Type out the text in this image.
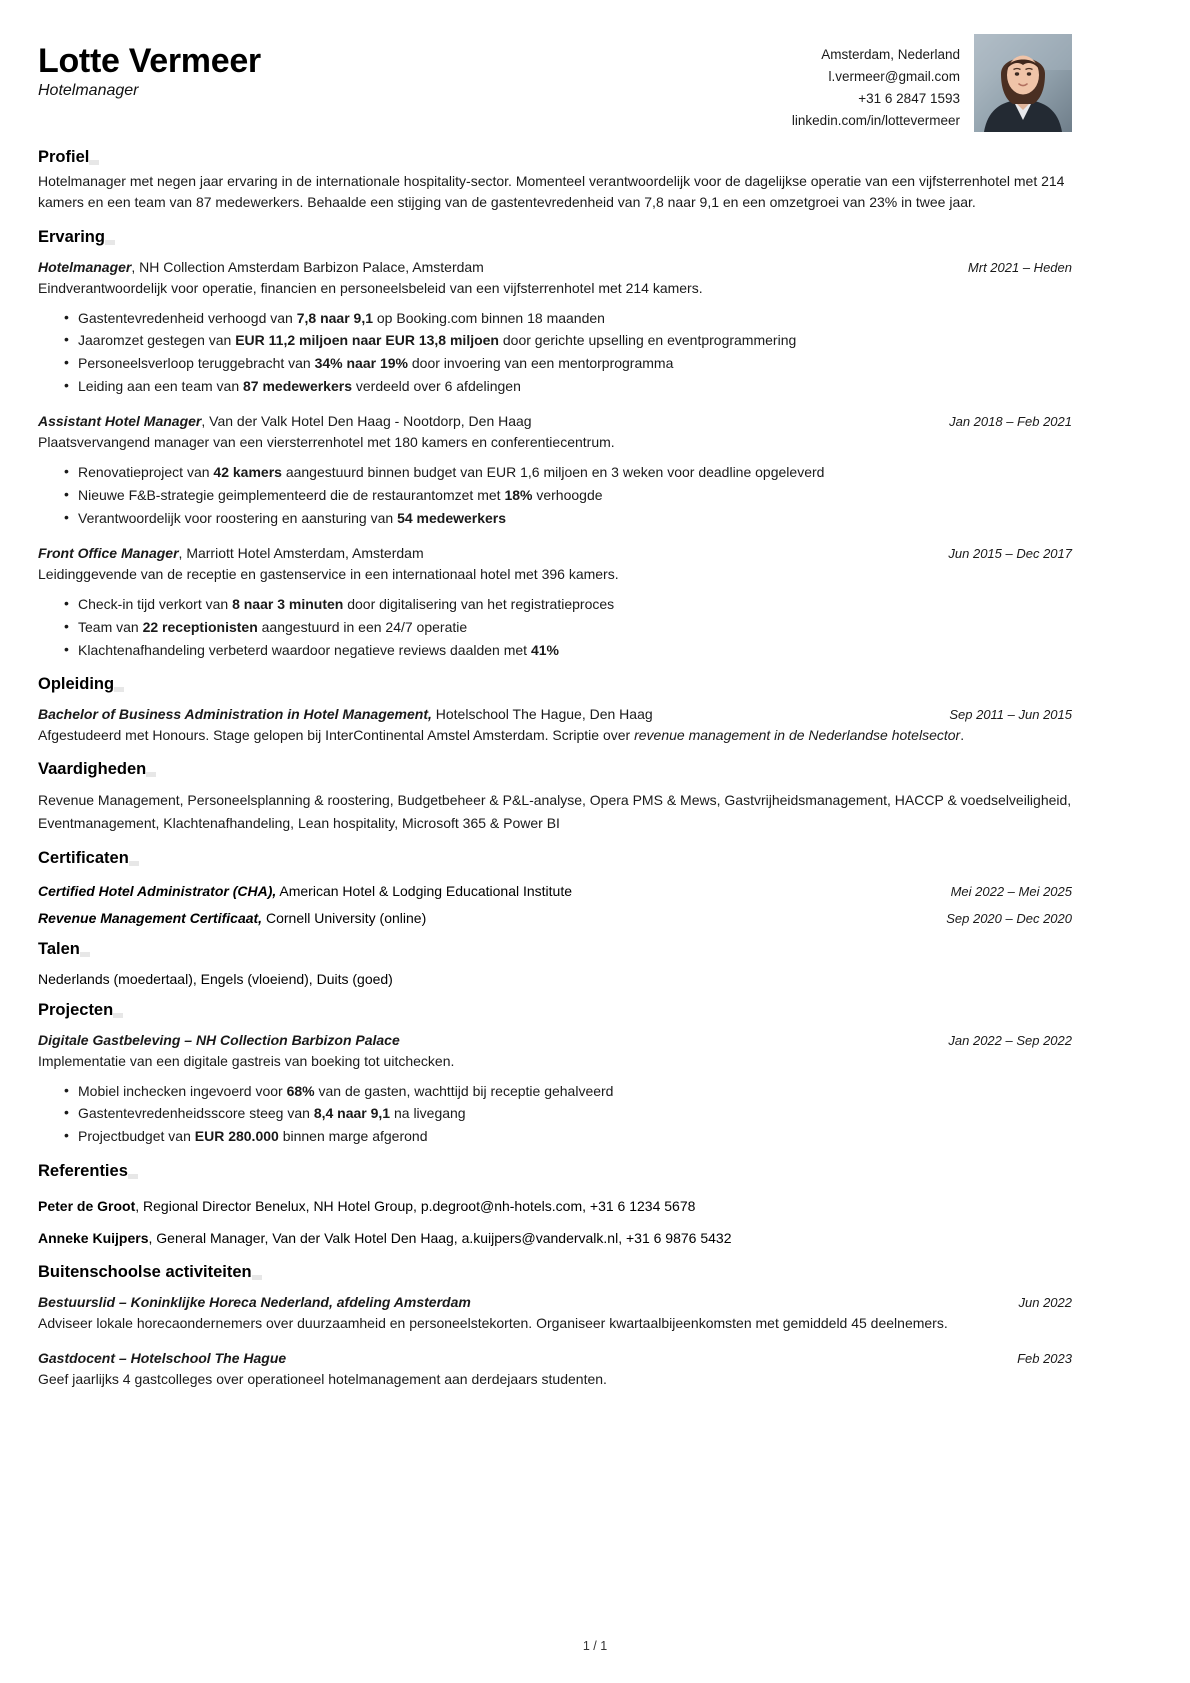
Lotte Vermeer
Hotelmanager
Amsterdam, Nederland
l.vermeer@gmail.com
+31 6 2847 1593
linkedin.com/in/lottevermeer
Profiel

Hotelmanager met negen jaar ervaring in de internationale hospitality-sector. Momenteel verantwoordelijk voor de dagelijkse operatie van een vijfsterrenhotel met 214 kamers en een team van 87 medewerkers. Behaalde een stijging van de gastentevredenheid van 7,8 naar 9,1 en een omzetgroei van 23% in twee jaar.

Ervaring
Hotelmanager, NH Collection Amsterdam Barbizon Palace, Amsterdam	Mrt 2021 – Heden

Eindverantwoordelijk voor operatie, financien en personeelsbeleid van een vijfsterrenhotel met 214 kamers.

• Gastentevredenheid verhoogd van 7,8 naar 9,1 op Booking.com binnen 18 maanden
• Jaaromzet gestegen van EUR 11,2 miljoen naar EUR 13,8 miljoen door gerichte upselling en eventprogrammering
• Personeelsverloop teruggebracht van 34% naar 19% door invoering van een mentorprogramma
• Leiding aan een team van 87 medewerkers verdeeld over 6 afdelingen
Assistant Hotel Manager, Van der Valk Hotel Den Haag - Nootdorp, Den Haag	Jan 2018 – Feb 2021

Plaatsvervangend manager van een viersterrenhotel met 180 kamers en conferentiecentrum.

• Renovatieproject van 42 kamers aangestuurd binnen budget van EUR 1,6 miljoen en 3 weken voor deadline opgeleverd
• Nieuwe F&B-strategie geimplementeerd die de restaurantomzet met 18% verhoogde
• Verantwoordelijk voor roostering en aansturing van 54 medewerkers
Front Office Manager, Marriott Hotel Amsterdam, Amsterdam	Jun 2015 – Dec 2017

Leidinggevende van de receptie en gastenservice in een internationaal hotel met 396 kamers.

• Check-in tijd verkort van 8 naar 3 minuten door digitalisering van het registratieproces
• Team van 22 receptionisten aangestuurd in een 24/7 operatie
• Klachtenafhandeling verbeterd waardoor negatieve reviews daalden met 41%
Opleiding
Bachelor of Business Administration in Hotel Management, Hotelschool The Hague, Den Haag	Sep 2011 – Jun 2015

Afgestudeerd met Honours. Stage gelopen bij InterContinental Amstel Amsterdam. Scriptie over revenue management in de Nederlandse hotelsector.

Vaardigheden

Revenue Management, Personeelsplanning & roostering, Budgetbeheer & P&L-analyse, Opera PMS & Mews, Gastvrijheidsmanagement, HACCP & voedselveiligheid, Eventmanagement, Klachtenafhandeling, Lean hospitality, Microsoft 365 & Power BI

Certificaten
Certified Hotel Administrator (CHA), American Hotel & Lodging Educational Institute	Mei 2022 – Mei 2025
Revenue Management Certificaat, Cornell University (online)	Sep 2020 – Dec 2020
Talen

Nederlands (moedertaal), Engels (vloeiend), Duits (goed)

Projecten
Digitale Gastbeleving – NH Collection Barbizon Palace	Jan 2022 – Sep 2022

Implementatie van een digitale gastreis van boeking tot uitchecken.

• Mobiel inchecken ingevoerd voor 68% van de gasten, wachttijd bij receptie gehalveerd
• Gastentevredenheidsscore steeg van 8,4 naar 9,1 na livegang
• Projectbudget van EUR 280.000 binnen marge afgerond
Referenties
Peter de Groot, Regional Director Benelux, NH Hotel Group, p.degroot@nh-hotels.com, +31 6 1234 5678
Anneke Kuijpers, General Manager, Van der Valk Hotel Den Haag, a.kuijpers@vandervalk.nl, +31 6 9876 5432
Buitenschoolse activiteiten
Bestuurslid – Koninklijke Horeca Nederland, afdeling Amsterdam	Jun 2022

Adviseer lokale horecaondernemers over duurzaamheid en personeelstekorten. Organiseer kwartaalbijeenkomsten met gemiddeld 45 deelnemers.

Gastdocent – Hotelschool The Hague	Feb 2023

Geef jaarlijks 4 gastcolleges over operationeel hotelmanagement aan derdejaars studenten.

1 / 1
